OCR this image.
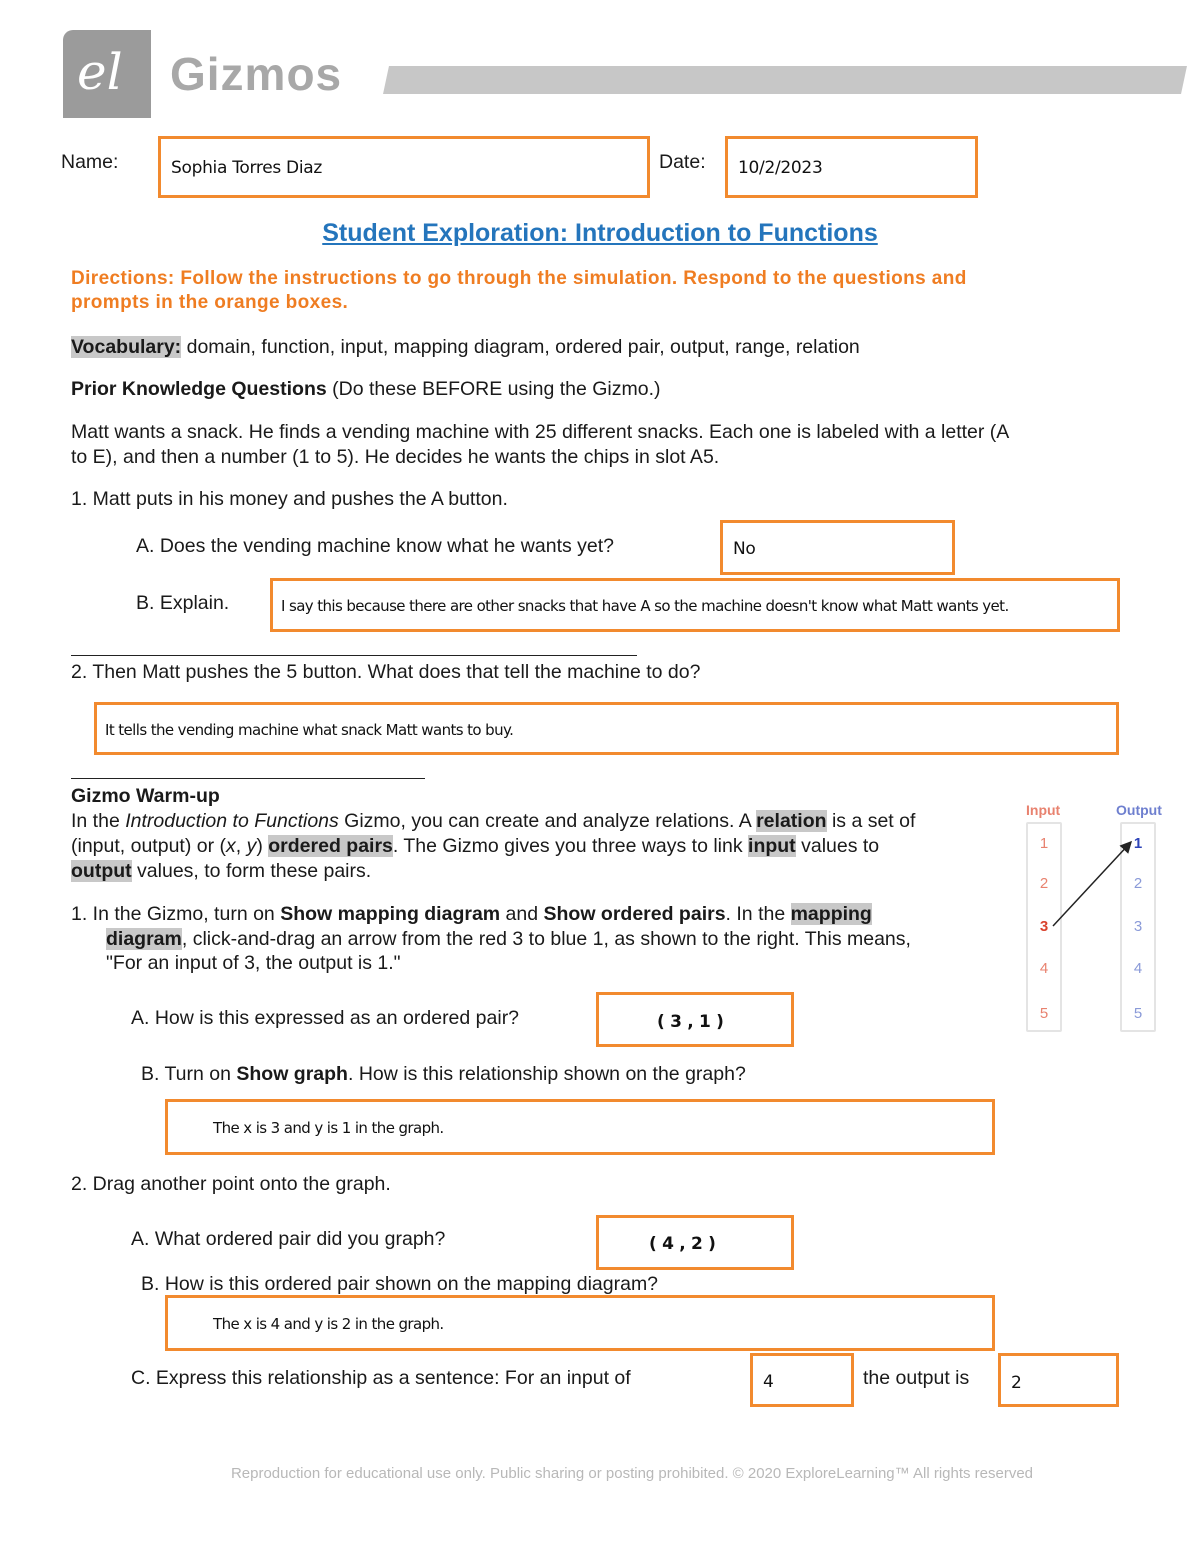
el Gizmos
Name:	Sophia Torres Diaz	Date: 10/2/2023
Student Exploration: Introduction to Functions
Directions: Follow the instructions to go through the simulation. Respond to the questions and
prompts in the orange boxes.
Vocabulary: domain, function, input, mapping diagram, ordered pair, output, range, relation
Prior Knowledge Questions (Do these BEFORE using the Gizmo.)
Matt wants a snack. He finds a vending machine with 25 different snacks. Each one is labeled with a letter (A
to E), and then a number (1 to 5). He decides he wants the chips in slot A5.
1. Matt puts in his money and pushes the A button.
A. Does the vending machine know what he wants yet?	No
B. Explain.	I say this because there are other snacks that have A so the machine doesn't know what Matt wants yet.
2. Then Matt pushes the 5 button. What does that tell the machine to do?
It tells the vending machine what snack Matt wants to buy.
Gizmo Warm-up
In the Introduction to Functions Gizmo, you can create and analyze relations. A relation is a set of
(input, output) or (x, y) ordered pairs. The Gizmo gives you three ways to link input values to
output values, to form these pairs.
1. In the Gizmo, turn on Show mapping diagram and Show ordered pairs. In the mapping
diagram, click-and-drag an arrow from the red 3 to blue 1, as shown to the right. This means,
"For an input of 3, the output is 1."
A. How is this expressed as an ordered pair?	( 3 , 1 )
B. Turn on Show graph. How is this relationship shown on the graph?
The x is 3 and y is 1 in the graph.
2. Drag another point onto the graph.
A. What ordered pair did you graph?	( 4 , 2 )
B. How is this ordered pair shown on the mapping diagram?
The x is 4 and y is 2 in the graph.
C. Express this relationship as a sentence: For an input of	4	the output is 2
Input	Output
1
2
3
4
5
1
2
3
4
5
Reproduction for educational use only. Public sharing or posting prohibited. © 2020 ExploreLearning™ All rights reserved
